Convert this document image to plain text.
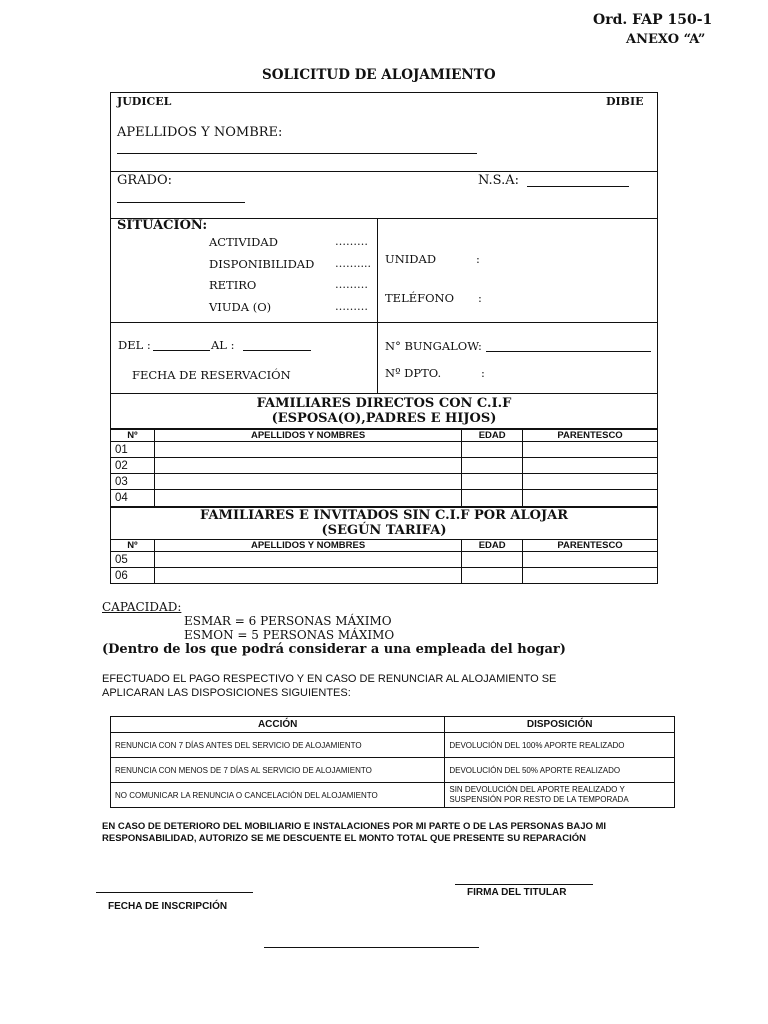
Ord. FAP 150-1
ANEXO “A”
SOLICITUD DE ALOJAMIENTO
JUDICEL	DIBIE
APELLIDOS Y NOMBRE:
GRADO:	N.S.A:
SITUACION:
ACTIVIDAD	………
DISPONIBILIDAD ……....
RETIRO	………
VIUDA (O)	………
UNIDAD	:
TELÉFONO :
DEL :	AL :
FECHA DE RESERVACIÓN
N° BUNGALOW:
Nº DPTO.	:
FAMILIARES DIRECTOS CON C.I.F
(ESPOSA(O),PADRES E HIJOS)
Nº	APELLIDOS Y NOMBRES	EDAD	PARENTESCO
01			
02			
03			
04			
FAMILIARES E INVITADOS SIN C.I.F POR ALOJAR
(SEGÚN TARIFA)
Nº	APELLIDOS Y NOMBRES	EDAD	PARENTESCO
05			
06			
CAPACIDAD:
ESMAR = 6 PERSONAS MÁXIMO
ESMON = 5 PERSONAS MÁXIMO
(Dentro de los que podrá considerar a una empleada del hogar)
EFECTUADO EL PAGO RESPECTIVO Y EN CASO DE RENUNCIAR AL ALOJAMIENTO SE
APLICARAN LAS DISPOSICIONES SIGUIENTES:
ACCIÓN	DISPOSICIÓN
RENUNCIA CON 7 DÍAS ANTES DEL SERVICIO DE ALOJAMIENTO	DEVOLUCIÓN DEL 100% APORTE REALIZADO
RENUNCIA CON MENOS DE 7 DÍAS AL SERVICIO DE ALOJAMIENTO	DEVOLUCIÓN DEL 50% APORTE REALIZADO
NO COMUNICAR LA RENUNCIA O CANCELACIÓN DEL ALOJAMIENTO	SIN DEVOLUCIÓN DEL APORTE REALIZADO Y
SUSPENSIÓN POR RESTO DE LA TEMPORADA
EN CASO DE DETERIORO DEL MOBILIARIO E INSTALACIONES POR MI PARTE O DE LAS PERSONAS BAJO MI
RESPONSABILIDAD, AUTORIZO SE ME DESCUENTE EL MONTO TOTAL QUE PRESENTE SU REPARACIÓN
FECHA DE INSCRIPCIÓN
FIRMA DEL TITULAR
